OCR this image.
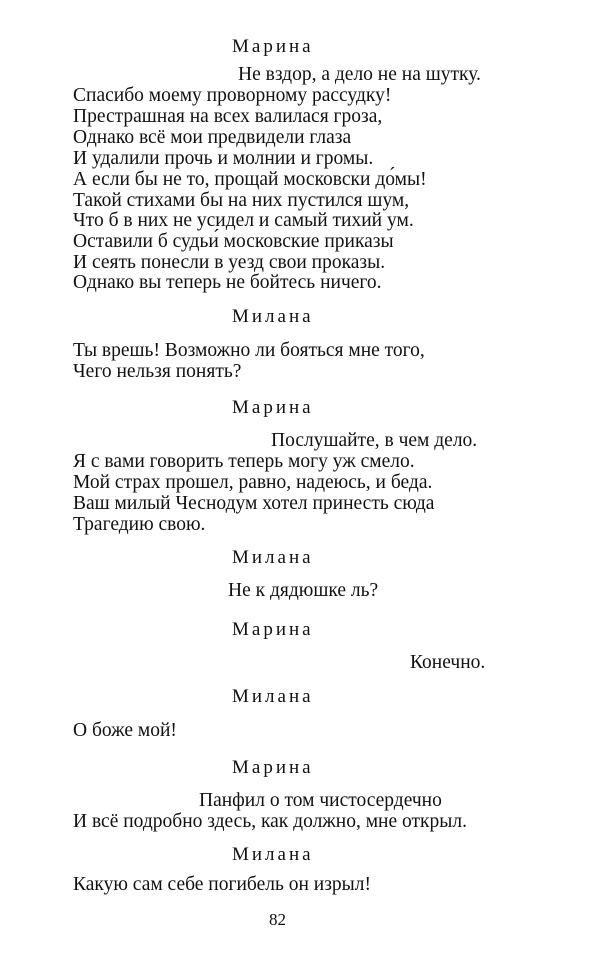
Марина
Не вздор, а дело не на шутку.
Спасибо моему проворному рассудку!
Престрашная на всех валилася гроза,
Однако всё мои предвидели глаза
И удалили прочь и молнии и громы.
А если бы не то, прощай московски до́мы!
Такой стихами бы на них пустился шум,
Что б в них не усидел и самый тихий ум.
Оставили б судьи́ московские приказы
И сеять понесли в уезд свои проказы.
Однако вы теперь не бойтесь ничего.
Милана
Ты врешь! Возможно ли бояться мне того,
Чего нельзя понять?
Марина
Послушайте, в чем дело.
Я с вами говорить теперь могу уж смело.
Мой страх прошел, равно, надеюсь, и беда.
Ваш милый Чеснодум хотел принесть сюда
Трагедию свою.
Милана
Не к дядюшке ль?
Марина
Конечно.
Милана
О боже мой!
Марина
Панфил о том чистосердечно
И всё подробно здесь, как должно, мне открыл.
Милана
Какую сам себе погибель он изрыл!
82
